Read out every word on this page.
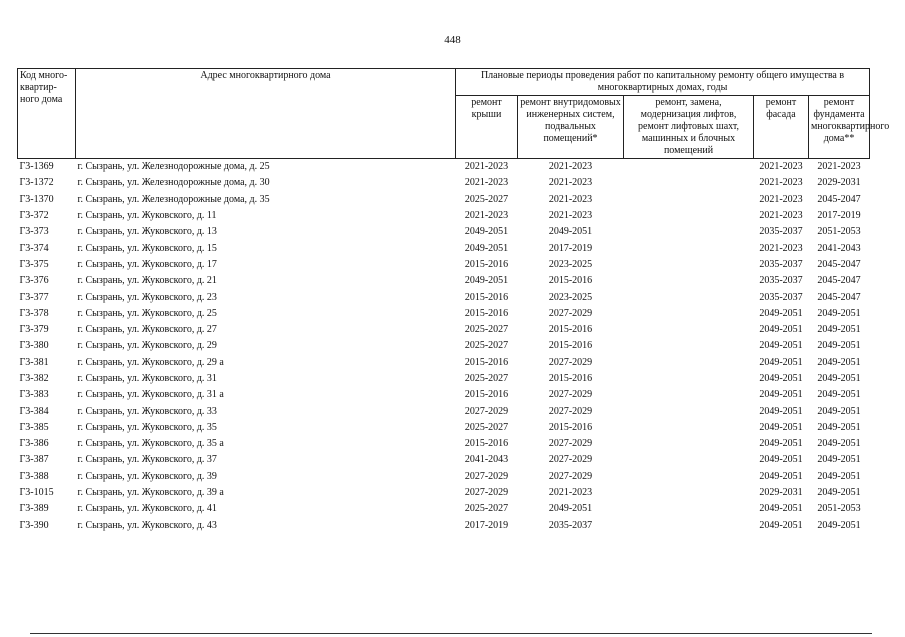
448
Код много-квартир-ного дома	Адрес многоквартирного дома	Плановые периоды проведения работ по капитальному ремонту общего имущества в многоквартирных домах, годы				
		ремонт крыши	ремонт внутридомовых инженерных систем, подвальных помещений*	ремонт, замена, модернизация лифтов, ремонт лифтовых шахт, машинных и блочных помещений	ремонт фасада	ремонт фундамента многоквартирного дома**
Г3-1369	г. Сызрань, ул. Железнодорожные дома, д. 25	2021-2023	2021-2023		2021-2023	2021-2023
Г3-1372	г. Сызрань, ул. Железнодорожные дома, д. 30	2021-2023	2021-2023		2021-2023	2029-2031
Г3-1370	г. Сызрань, ул. Железнодорожные дома, д. 35	2025-2027	2021-2023		2021-2023	2045-2047
Г3-372	г. Сызрань, ул. Жуковского, д. 11	2021-2023	2021-2023		2021-2023	2017-2019
Г3-373	г. Сызрань, ул. Жуковского, д. 13	2049-2051	2049-2051		2035-2037	2051-2053
Г3-374	г. Сызрань, ул. Жуковского, д. 15	2049-2051	2017-2019		2021-2023	2041-2043
Г3-375	г. Сызрань, ул. Жуковского, д. 17	2015-2016	2023-2025		2035-2037	2045-2047
Г3-376	г. Сызрань, ул. Жуковского, д. 21	2049-2051	2015-2016		2035-2037	2045-2047
Г3-377	г. Сызрань, ул. Жуковского, д. 23	2015-2016	2023-2025		2035-2037	2045-2047
Г3-378	г. Сызрань, ул. Жуковского, д. 25	2015-2016	2027-2029		2049-2051	2049-2051
Г3-379	г. Сызрань, ул. Жуковского, д. 27	2025-2027	2015-2016		2049-2051	2049-2051
Г3-380	г. Сызрань, ул. Жуковского, д. 29	2025-2027	2015-2016		2049-2051	2049-2051
Г3-381	г. Сызрань, ул. Жуковского, д. 29 а	2015-2016	2027-2029		2049-2051	2049-2051
Г3-382	г. Сызрань, ул. Жуковского, д. 31	2025-2027	2015-2016		2049-2051	2049-2051
Г3-383	г. Сызрань, ул. Жуковского, д. 31 а	2015-2016	2027-2029		2049-2051	2049-2051
Г3-384	г. Сызрань, ул. Жуковского, д. 33	2027-2029	2027-2029		2049-2051	2049-2051
Г3-385	г. Сызрань, ул. Жуковского, д. 35	2025-2027	2015-2016		2049-2051	2049-2051
Г3-386	г. Сызрань, ул. Жуковского, д. 35 а	2015-2016	2027-2029		2049-2051	2049-2051
Г3-387	г. Сызрань, ул. Жуковского, д. 37	2041-2043	2027-2029		2049-2051	2049-2051
Г3-388	г. Сызрань, ул. Жуковского, д. 39	2027-2029	2027-2029		2049-2051	2049-2051
Г3-1015	г. Сызрань, ул. Жуковского, д. 39 а	2027-2029	2021-2023		2029-2031	2049-2051
Г3-389	г. Сызрань, ул. Жуковского, д. 41	2025-2027	2049-2051		2049-2051	2051-2053
Г3-390	г. Сызрань, ул. Жуковского, д. 43	2017-2019	2035-2037		2049-2051	2049-2051
